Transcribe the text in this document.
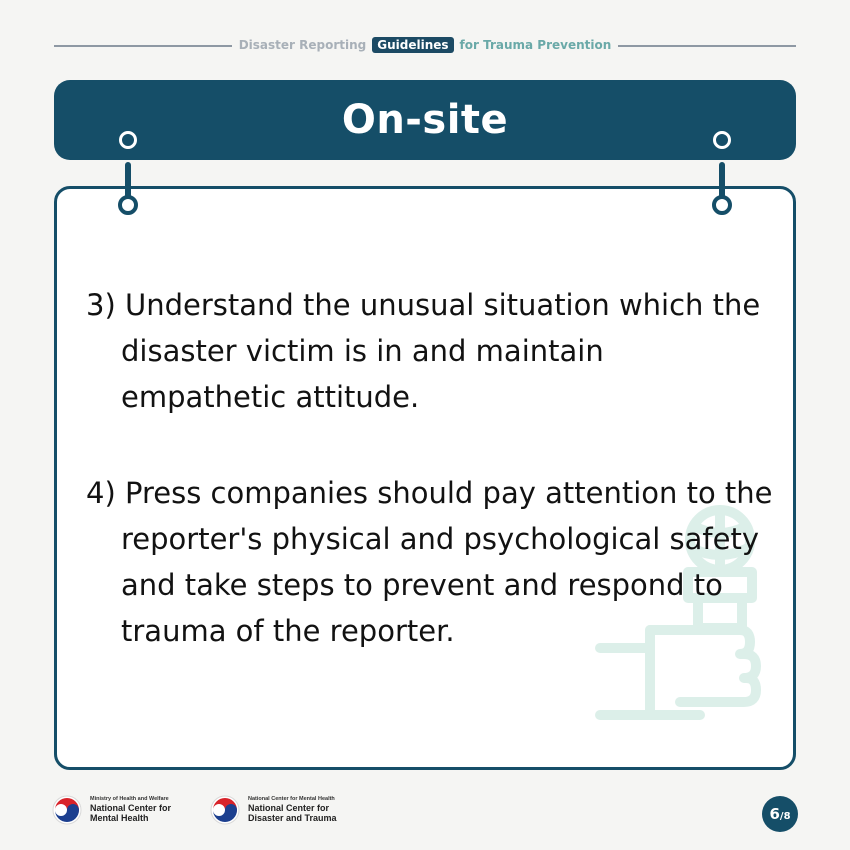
Disaster Reporting Guidelines for Trauma Prevention
On-site
3) Understand the unusual situation which the disaster victim is in and maintain empathetic attitude.
4) Press companies should pay attention to the reporter's physical and psychological safety and take steps to prevent and respond to trauma of the reporter.
Ministry of Health and Welfare
National Center for
Mental Health
National Center for Mental Health
National Center for
Disaster and Trauma	6 / 8
